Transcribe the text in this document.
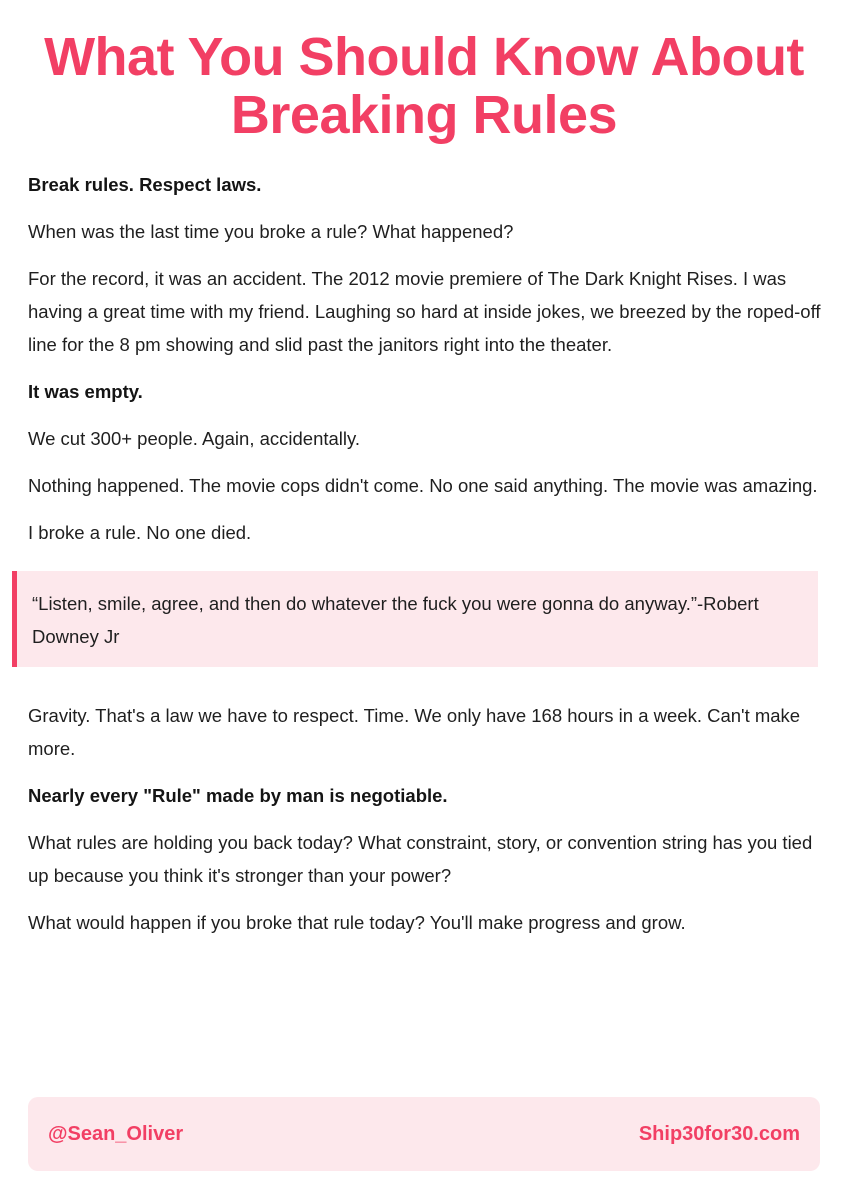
What You Should Know About Breaking Rules

Break rules. Respect laws.

When was the last time you broke a rule? What happened?

For the record, it was an accident. The 2012 movie premiere of The Dark Knight Rises. I was having a great time with my friend. Laughing so hard at inside jokes, we breezed by the roped-off line for the 8 pm showing and slid past the janitors right into the theater.

It was empty.

We cut 300+ people. Again, accidentally.

Nothing happened. The movie cops didn't come. No one said anything. The movie was amazing.

I broke a rule. No one died.

“Listen, smile, agree, and then do whatever the fuck you were gonna do anyway.”-Robert Downey Jr

Gravity. That's a law we have to respect. Time. We only have 168 hours in a week. Can't make more.

Nearly every "Rule" made by man is negotiable.

What rules are holding you back today? What constraint, story, or convention string has you tied up because you think it's stronger than your power?

What would happen if you broke that rule today? You'll make progress and grow.

@Sean_Oliver	Ship30for30.com
